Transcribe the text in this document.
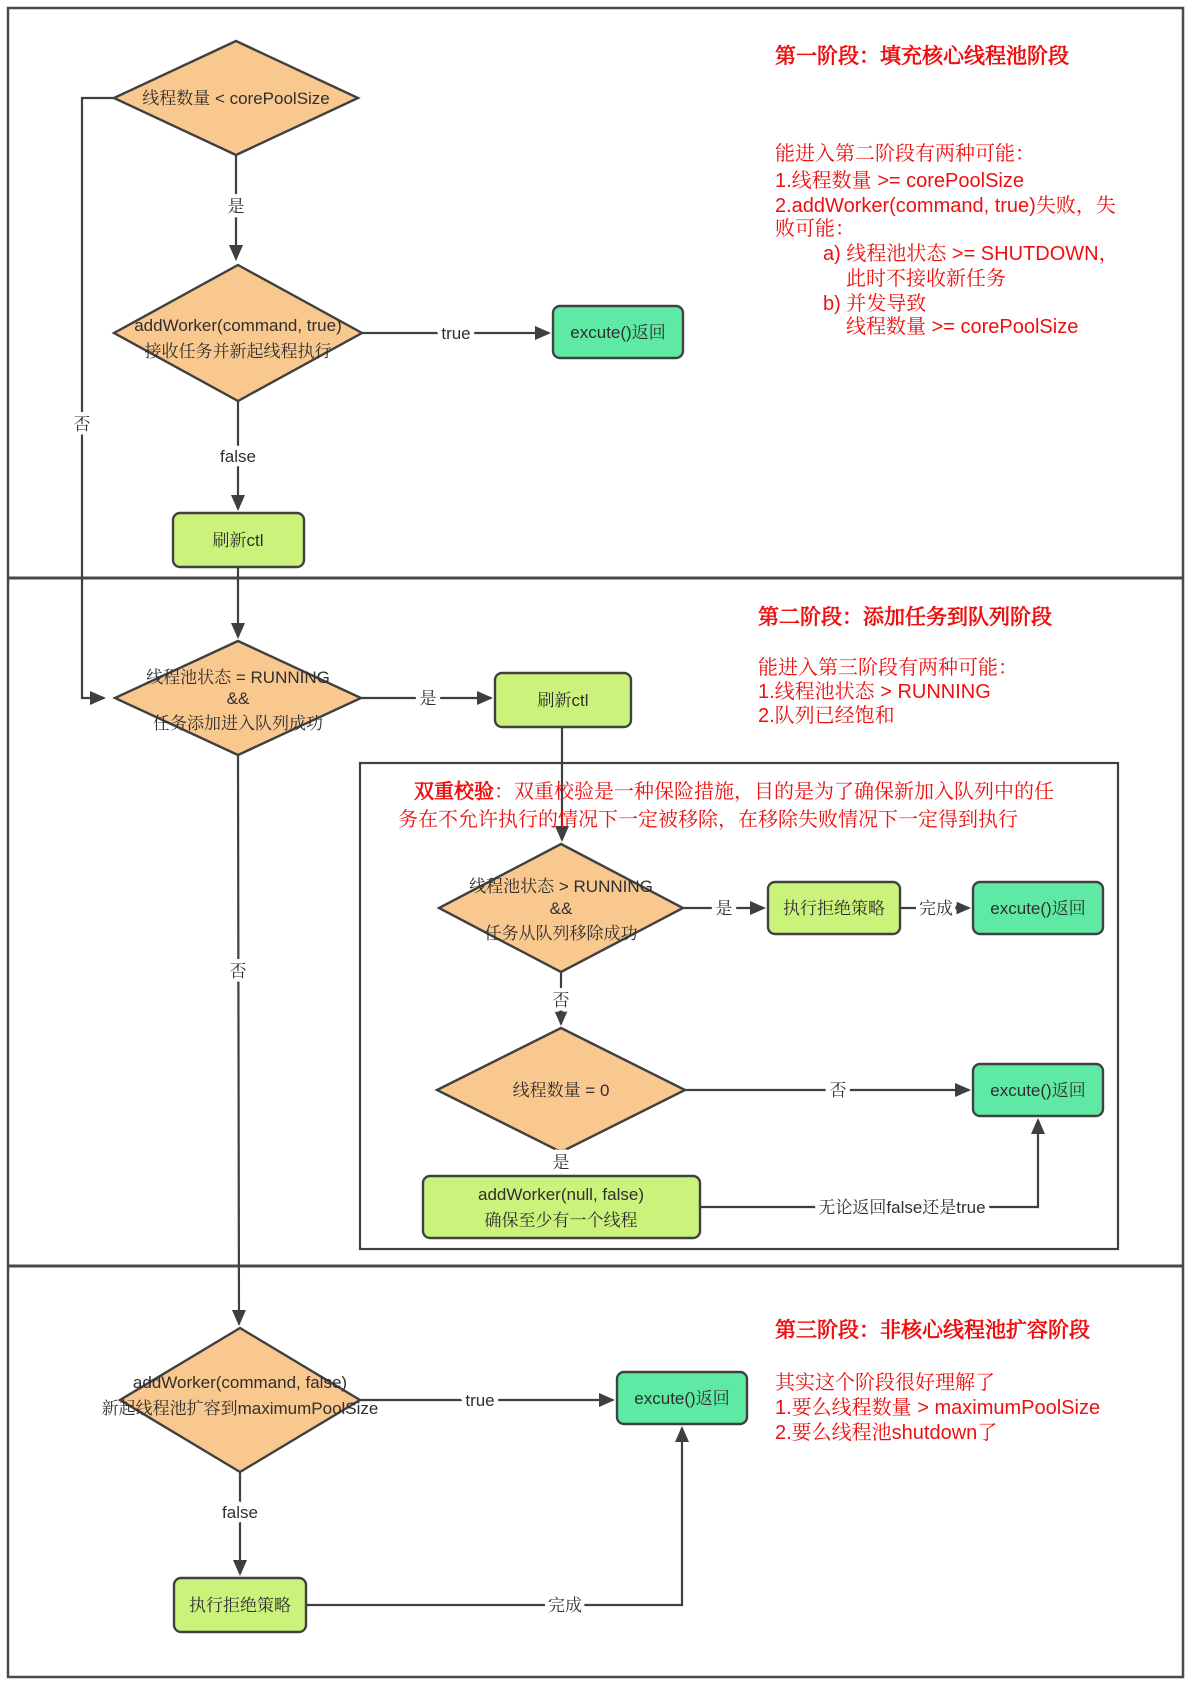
线程数量 < corePoolSize
addWorker(command, true)
接收任务并新起线程执行
线程池状态 = RUNNING
&&
任务添加进入队列成功
线程池状态 > RUNNING
&&
任务从队列移除成功
线程数量 = 0
addWorker(command, false)
新起线程池扩容到maximumPoolSize
excute()返回
刷新ctl
刷新ctl
执行拒绝策略	excute()返回
excute()返回
addWorker(null, false)
确保至少有一个线程
excute()返回
执行拒绝策略
是
否
true
false
是
否
是	完成
否
否
是
无论返回false还是true
true
false
完成
第一阶段：填充核心线程池阶段
能进入第二阶段有两种可能：
1.线程数量 >= corePoolSize
2.addWorker(command, true)失败，失
败可能：
a) 线程池状态 >= SHUTDOWN，
此时不接收新任务
b) 并发导致
线程数量 >= corePoolSize
第二阶段：添加任务到队列阶段
能进入第三阶段有两种可能：
1.线程池状态 > RUNNING
2.队列已经饱和
双重校验：双重校验是一种保险措施，目的是为了确保新加入队列中的任
务在不允许执行的情况下一定被移除，在移除失败情况下一定得到执行
第三阶段：非核心线程池扩容阶段
其实这个阶段很好理解了
1.要么线程数量 > maximumPoolSize
2.要么线程池shutdown了
